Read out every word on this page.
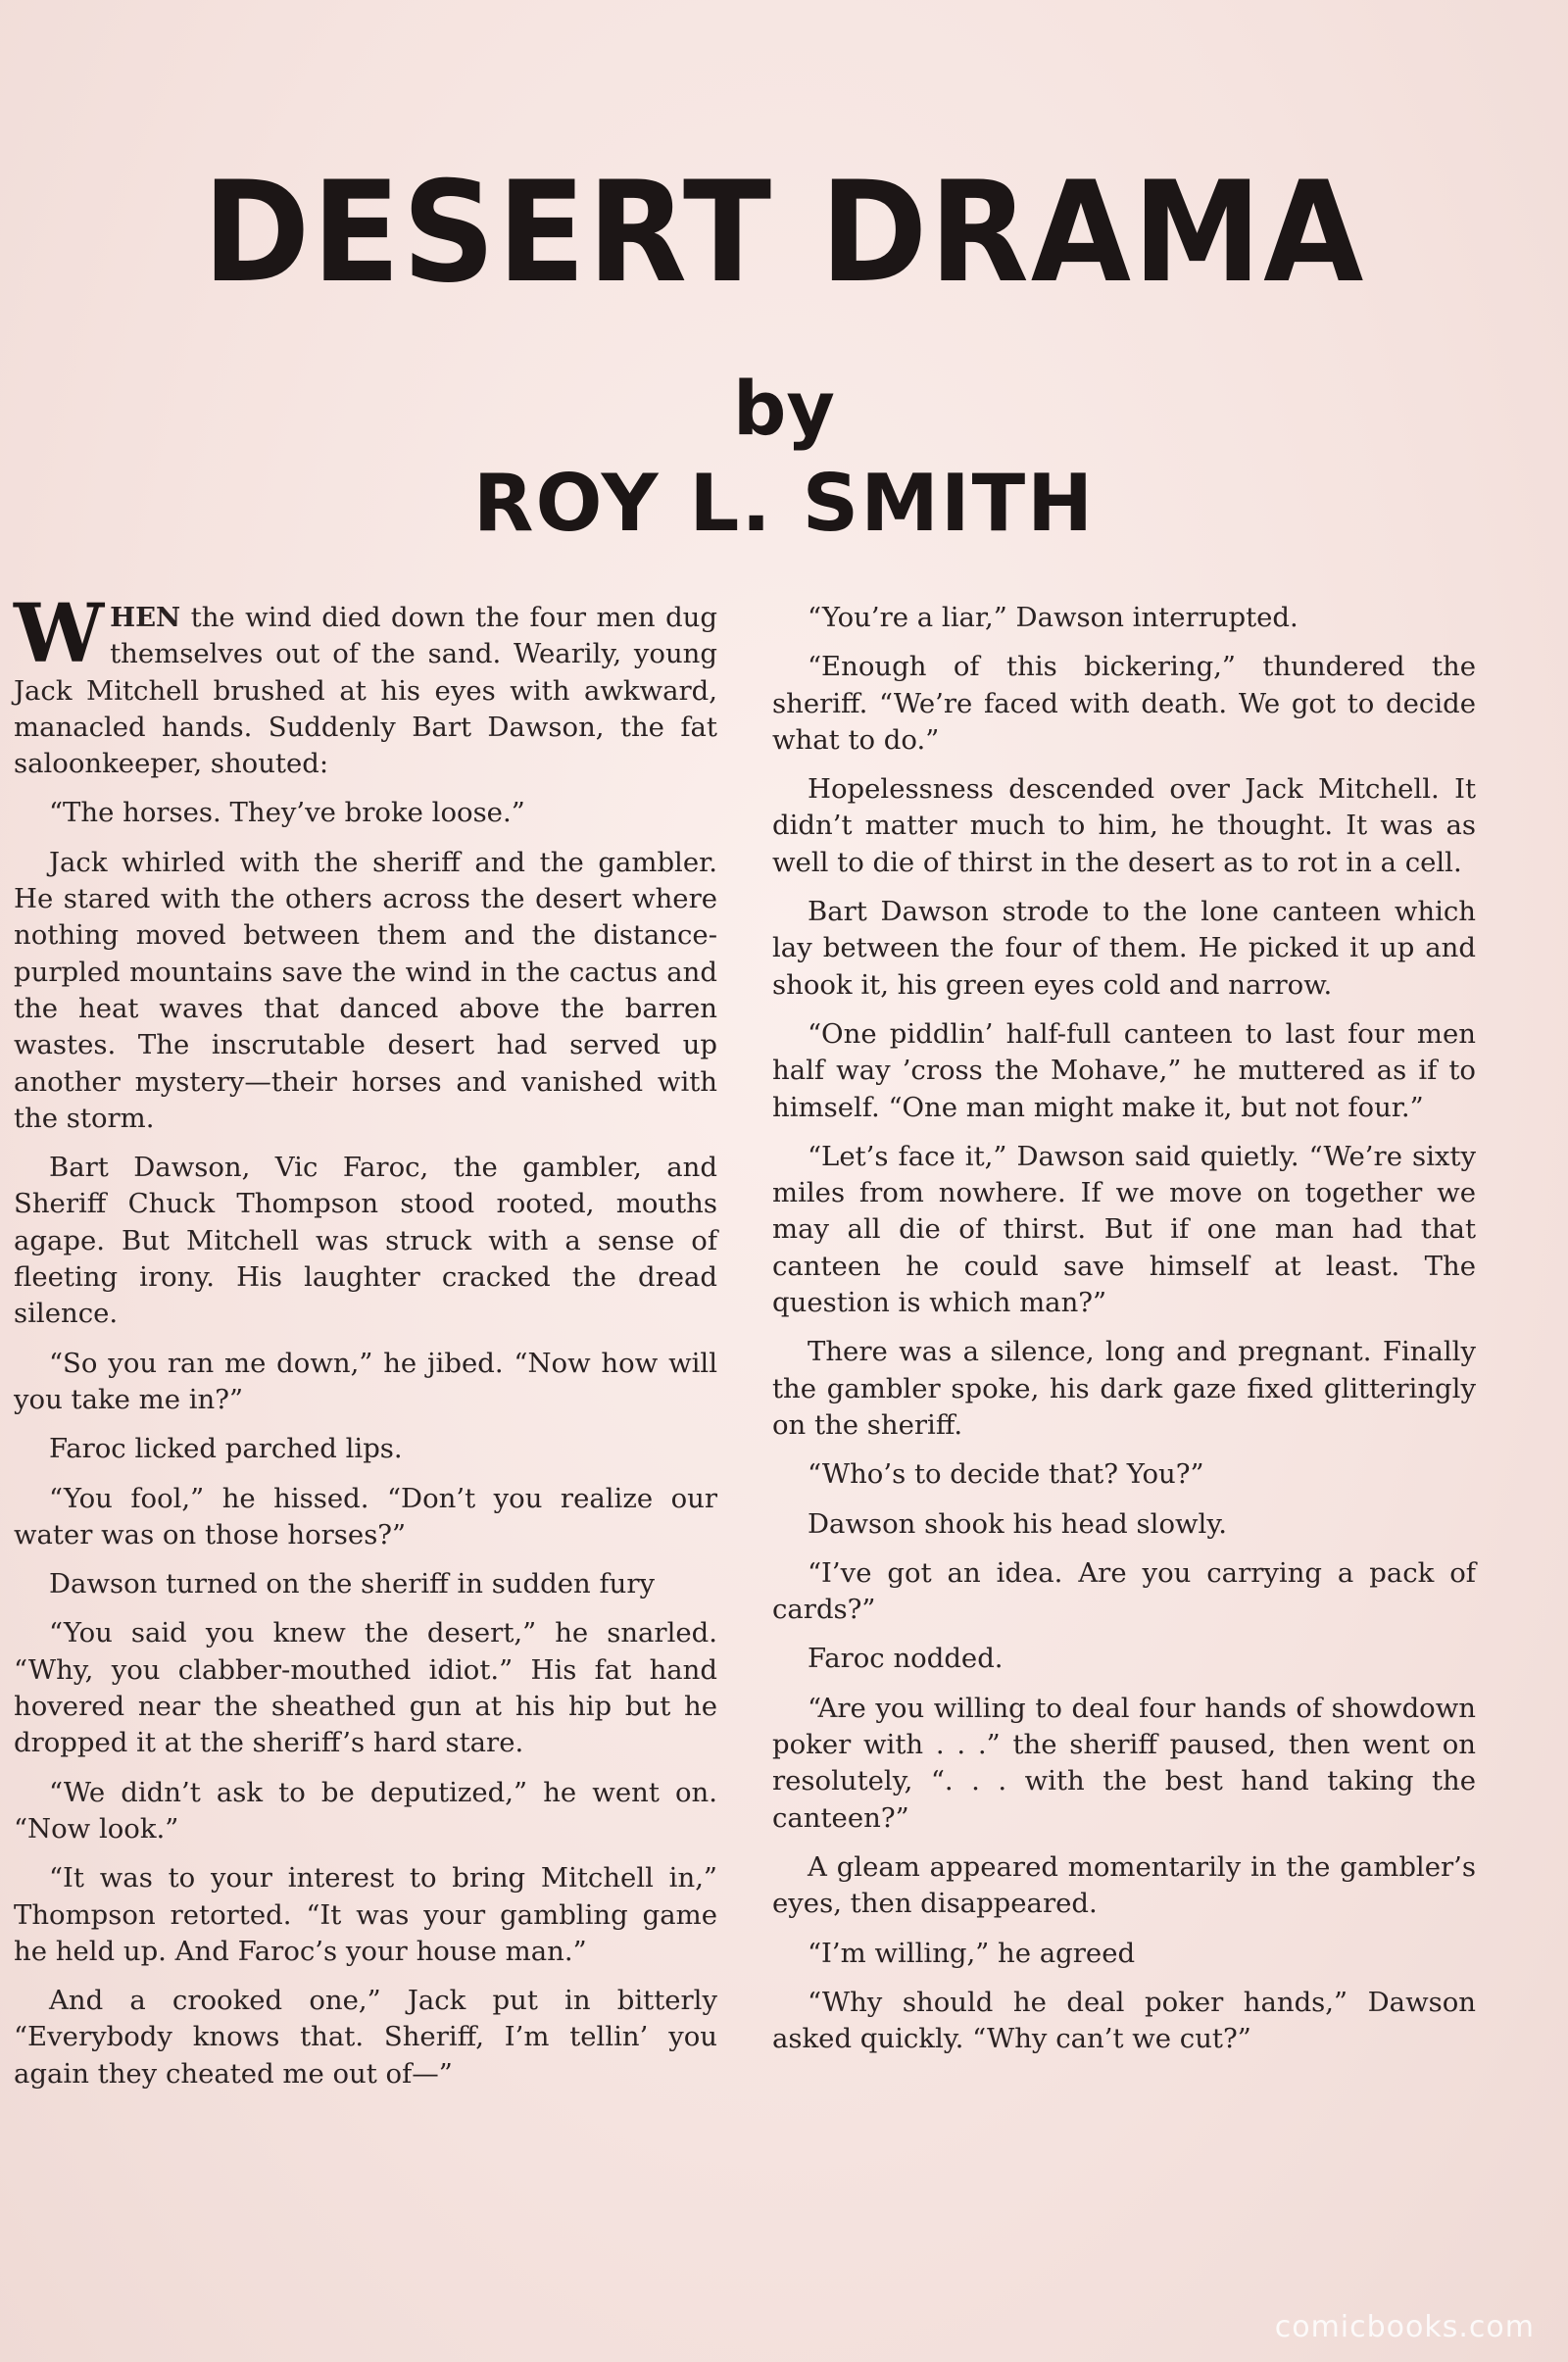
DESERT DRAMA
by
ROY L. SMITH

WHEN the wind died down the four men dug themselves out of the sand. Wearily, young Jack Mitchell brushed at his eyes with awkward, manacled hands. Suddenly Bart Dawson, the fat saloonkeeper, shouted:

“The horses. They’ve broke loose.”

Jack whirled with the sheriff and the gambler. He stared with the others across the desert where nothing moved between them and the distance-purpled mountains save the wind in the cactus and the heat waves that danced above the barren wastes. The inscrutable desert had served up another mystery—their horses and vanished with the storm.

Bart Dawson, Vic Faroc, the gambler, and Sheriff Chuck Thompson stood rooted, mouths agape. But Mitchell was struck with a sense of fleeting irony. His laughter cracked the dread silence.

“So you ran me down,” he jibed. “Now how will you take me in?”

Faroc licked parched lips.

“You fool,” he hissed. “Don’t you realize our water was on those horses?”

Dawson turned on the sheriff in sudden fury

“You said you knew the desert,” he snarled. “Why, you clabber-mouthed idiot.” His fat hand hovered near the sheathed gun at his hip but he dropped it at the sheriff’s hard stare.

“We didn’t ask to be deputized,” he went on. “Now look.”

“It was to your interest to bring Mitchell in,” Thompson retorted. “It was your gambling game he held up. And Faroc’s your house man.”

And a crooked one,” Jack put in bitterly “Everybody knows that. Sheriff, I’m tellin’ you again they cheated me out of—”

“You’re a liar,” Dawson interrupted.

“Enough of this bickering,” thundered the sheriff. “We’re faced with death. We got to decide what to do.”

Hopelessness descended over Jack Mitchell. It didn’t matter much to him, he thought. It was as well to die of thirst in the desert as to rot in a cell.

Bart Dawson strode to the lone canteen which lay between the four of them. He picked it up and shook it, his green eyes cold and narrow.

“One piddlin’ half-full canteen to last four men half way ’cross the Mohave,” he muttered as if to himself. “One man might make it, but not four.”

“Let’s face it,” Dawson said quietly. “We’re sixty miles from nowhere. If we move on together we may all die of thirst. But if one man had that canteen he could save himself at least. The question is which man?”

There was a silence, long and pregnant. Finally the gambler spoke, his dark gaze fixed glitteringly on the sheriff.

“Who’s to decide that? You?”

Dawson shook his head slowly.

“I’ve got an idea. Are you carrying a pack of cards?”

Faroc nodded.

“Are you willing to deal four hands of showdown poker with . . .” the sheriff paused, then went on resolutely, “. . . with the best hand taking the canteen?”

A gleam appeared momentarily in the gambler’s eyes, then disappeared.

“I’m willing,” he agreed

“Why should he deal poker hands,” Dawson asked quickly. “Why can’t we cut?”

comicbooks.com
